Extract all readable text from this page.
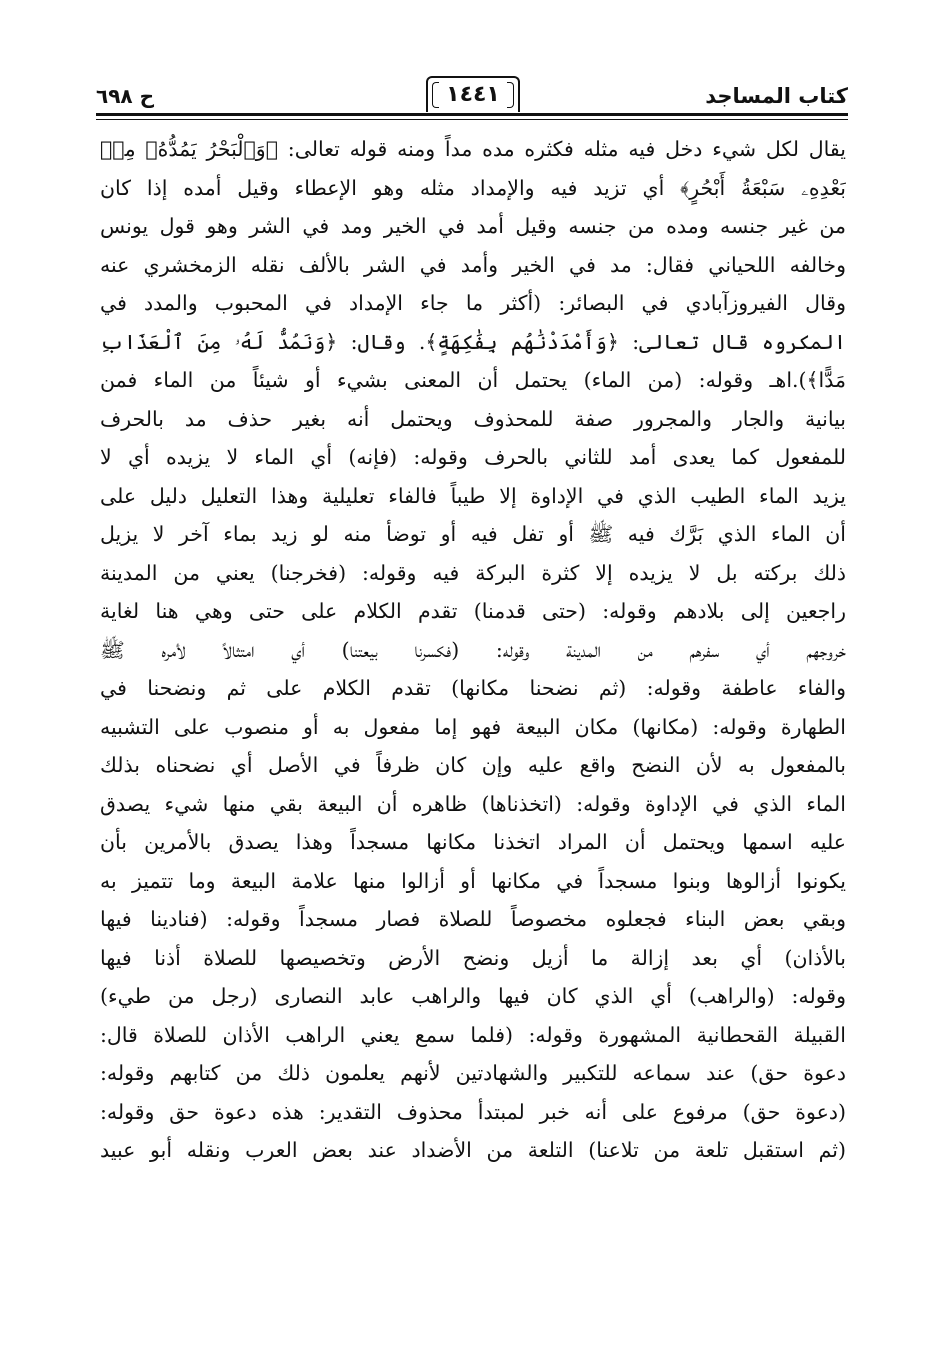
ح ٦٩٨	١٤٤١	كتاب المساجد
يقال لكل شيء دخل فيه مثله فكثره مده مداً ومنه قوله تعالى: ﴿وَٱلْبَحْرُ يَمُدُّهُۥ مِنۢ
بَعْدِهِۦ سَبْعَةُ أَبْحُرٍ﴾ أي تزيد فيه والإمداد مثله وهو الإعطاء وقيل أمده إذا كان
من غير جنسه ومده من جنسه وقيل أمد في الخير ومد في الشر وهو قول يونس
وخالفه اللحياني فقال: مد في الخير وأمد في الشر بالألف نقله الزمخشري عنه
وقال الفيروزآبادي في البصائر: (أكثر ما جاء الإمداد في المحبوب والمدد في
المكروه قال تعالى: ﴿وَأَمْدَدْنَٰهُم بِفَٰكِهَةٍ﴾. وقال: ﴿وَنَمُدُّ لَهُۥ مِنَ ٱلْعَذَابِ
مَدًّا﴾).اهـ وقوله: (من الماء) يحتمل أن المعنى بشيء أو شيئاً من الماء فمن
بيانية والجار والمجرور صفة للمحذوف ويحتمل أنه بغير حذف مد بالحرف
للمفعول كما يعدى أمد للثاني بالحرف وقوله: (فإنه) أي الماء لا يزيده أي لا
يزيد الماء الطيب الذي في الإداوة إلا طيباً فالفاء تعليلية وهذا التعليل دليل على
أن الماء الذي بَرَّك فيه ﷺ أو تفل فيه أو توضأ منه لو زيد بماء آخر لا يزيل
ذلك بركته بل لا يزيده إلا كثرة البركة فيه وقوله: (فخرجنا) يعني من المدينة
راجعين إلى بلادهم وقوله: (حتى قدمنا) تقدم الكلام على حتى وهي هنا لغاية
خروجهم أي سفرهم من المدينة وقوله: (فكسرنا بيعتنا) أي امتثالاً لأمره ﷺ
والفاء عاطفة وقوله: (ثم نضحنا مكانها) تقدم الكلام على ثم ونضحنا في
الطهارة وقوله: (مكانها) مكان البيعة فهو إما مفعول به أو منصوب على التشبيه
بالمفعول به لأن النضح واقع عليه وإن كان ظرفاً في الأصل أي نضحناه بذلك
الماء الذي في الإداوة وقوله: (اتخذناها) ظاهره أن البيعة بقي منها شيء يصدق
عليه اسمها ويحتمل أن المراد اتخذنا مكانها مسجداً وهذا يصدق بالأمرين بأن
يكونوا أزالوها وبنوا مسجداً في مكانها أو أزالوا منها علامة البيعة وما تتميز به
وبقي بعض البناء فجعلوه مخصوصاً للصلاة فصار مسجداً وقوله: (فنادينا فيها
بالأذان) أي بعد إزالة ما أزيل ونضح الأرض وتخصيصها للصلاة أذنا فيها
وقوله: (والراهب) أي الذي كان فيها والراهب عابد النصارى (رجل من طيء)
القبيلة القحطانية المشهورة وقوله: (فلما سمع يعني الراهب الأذان للصلاة قال:
دعوة حق) عند سماعه للتكبير والشهادتين لأنهم يعلمون ذلك من كتابهم وقوله:
(دعوة حق) مرفوع على أنه خبر لمبتدأ محذوف التقدير: هذه دعوة حق وقوله:
(ثم استقبل تلعة من تلاعنا) التلعة من الأضداد عند بعض العرب ونقله أبو عبيد
